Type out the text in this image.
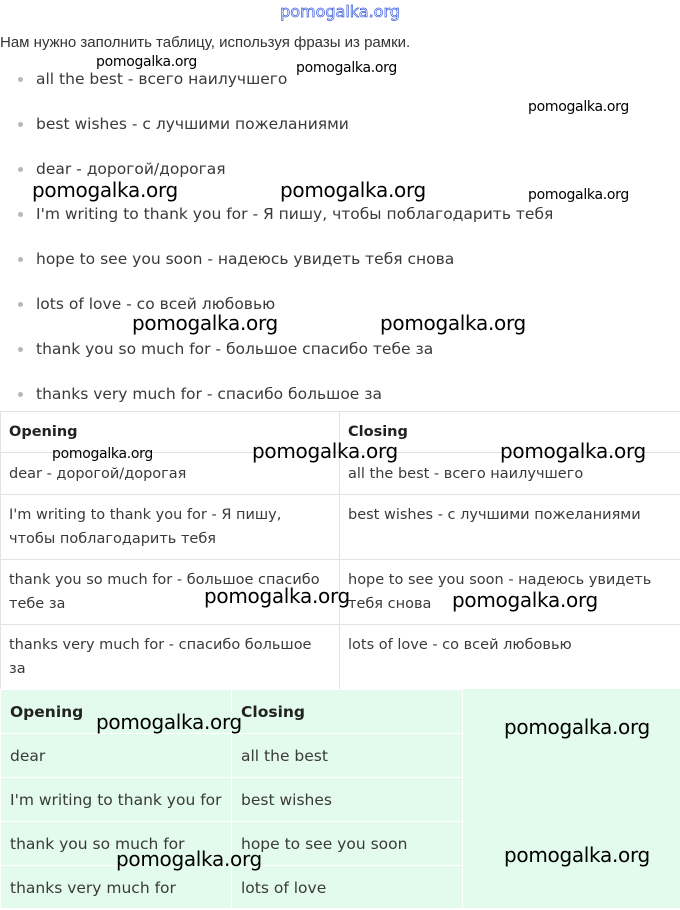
pomogalka.org
Нам нужно заполнить таблицу, используя фразы из рамки.
all the best - всего наилучшего
best wishes - с лучшими пожеланиями
dear - дорогой/дорогая
I'm writing to thank you for - Я пишу, чтобы поблагодарить тебя
hope to see you soon - надеюсь увидеть тебя снова
lots of love - со всей любовью
thank you so much for - большое спасибо тебе за
thanks very much for - спасибо большое за
Opening	Closing
dear - дорогой/дорогая	all the best - всего наилучшего
I'm writing to thank you for - Я пишу, чтобы поблагодарить тебя	best wishes - с лучшими пожеланиями
thank you so much for - большое спасибо тебе за	hope to see you soon - надеюсь увидеть тебя снова
thanks very much for - спасибо большое за	lots of love - со всей любовью
Opening	Closing
dear	all the best
I'm writing to thank you for	best wishes
thank you so much for	hope to see you soon
thanks very much for	lots of love
pomogalka.org	pomogalka.org
pomogalka.org
pomogalka.org	pomogalka.org	pomogalka.org
pomogalka.org	pomogalka.org
pomogalka.org	pomogalka.org	pomogalka.org
pomogalka.org	pomogalka.org
pomogalka.org	pomogalka.org
pomogalka.org	pomogalka.org
